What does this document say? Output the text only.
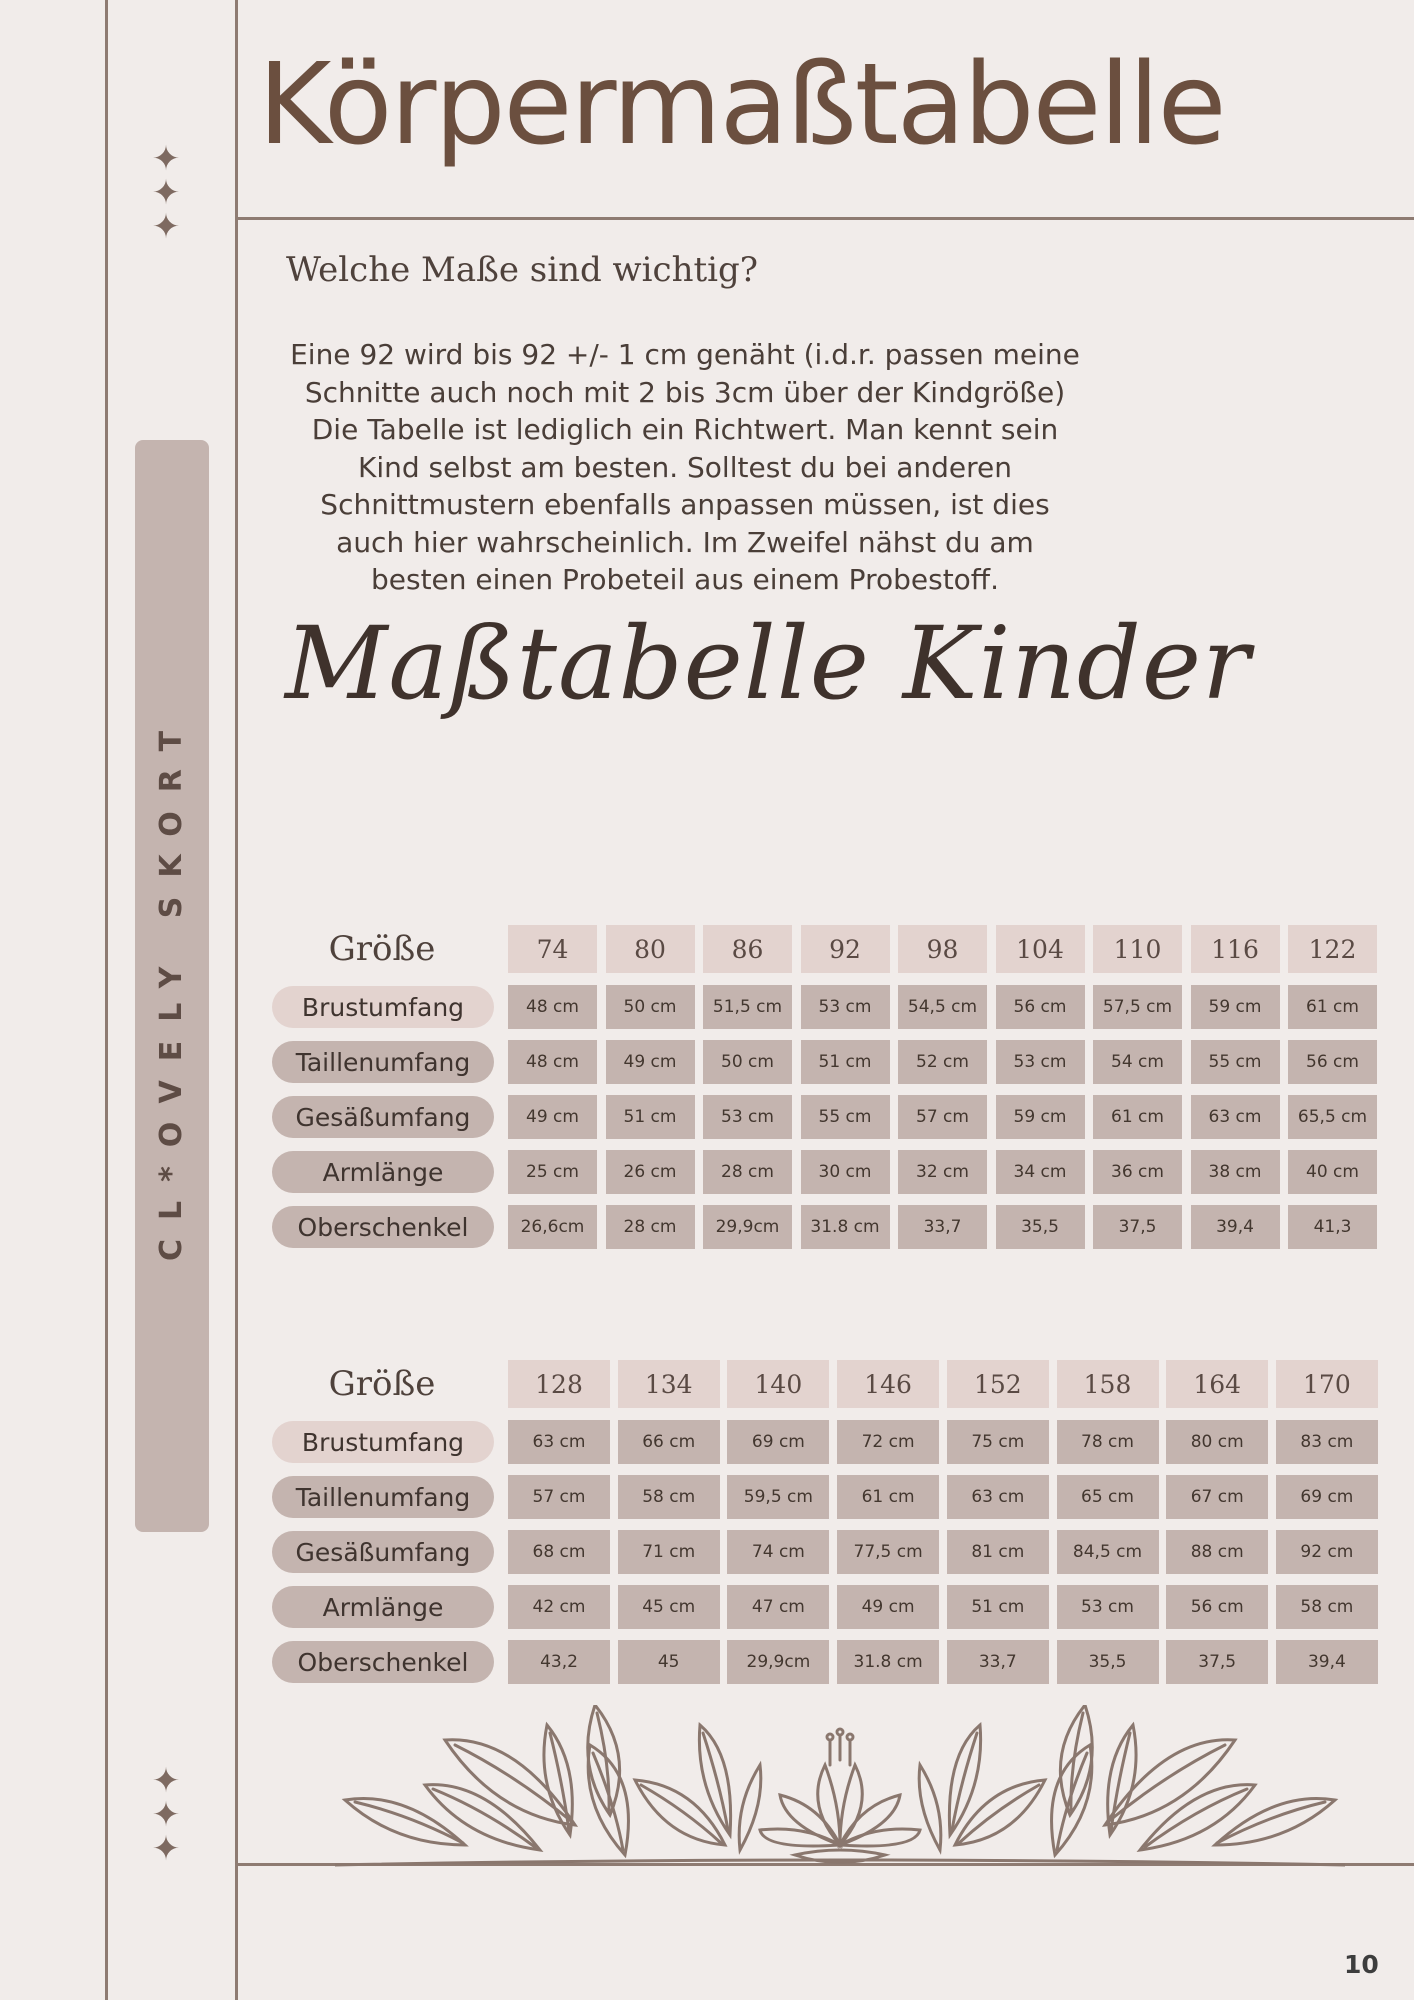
✦
✦
✦
✦
✦
✦
CL*OVELY SKORT
Körpermaßtabelle
Welche Maße sind wichtig?
Eine 92 wird bis 92 +/- 1 cm genäht (i.d.r. passen meine Schnitte auch noch mit 2 bis 3cm über der Kindgröße) Die Tabelle ist lediglich ein Richtwert. Man kennt sein Kind selbst am besten. Solltest du bei anderen Schnittmustern ebenfalls anpassen müssen, ist dies auch hier wahrscheinlich. Im Zweifel nähst du am besten einen Probeteil aus einem Probestoff.
Maßtabelle Kinder
Größe	74	80	86	92	98	104	110	116	122
Brustumfang	48 cm	50 cm	51,5 cm	53 cm	54,5 cm	56 cm	57,5 cm	59 cm	61 cm
Taillenumfang	48 cm	49 cm	50 cm	51 cm	52 cm	53 cm	54 cm	55 cm	56 cm
Gesäßumfang	49 cm	51 cm	53 cm	55 cm	57 cm	59 cm	61 cm	63 cm	65,5 cm
Armlänge	25 cm	26 cm	28 cm	30 cm	32 cm	34 cm	36 cm	38 cm	40 cm
Oberschenkel	26,6cm	28 cm	29,9cm	31.8 cm	33,7	35,5	37,5	39,4	41,3
Größe	128	134	140	146	152	158	164	170
Brustumfang	63 cm	66 cm	69 cm	72 cm	75 cm	78 cm	80 cm	83 cm
Taillenumfang	57 cm	58 cm	59,5 cm	61 cm	63 cm	65 cm	67 cm	69 cm
Gesäßumfang	68 cm	71 cm	74 cm	77,5 cm	81 cm	84,5 cm	88 cm	92 cm
Armlänge	42 cm	45 cm	47 cm	49 cm	51 cm	53 cm	56 cm	58 cm
Oberschenkel	43,2	45	29,9cm	31.8 cm	33,7	35,5	37,5	39,4
10
